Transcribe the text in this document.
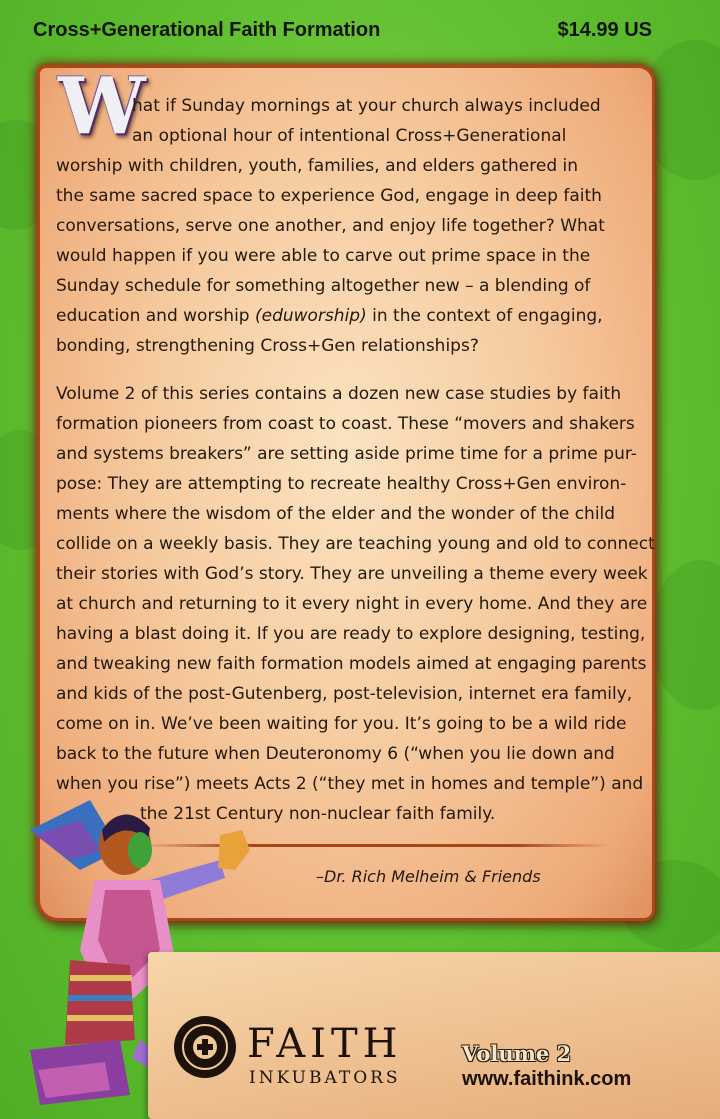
Cross+Generational Faith Formation	$14.99 US
W
hat if Sunday mornings at your church always included
an optional hour of intentional Cross+Generational
worship with children, youth, families, and elders gathered in
the same sacred space to experience God, engage in deep faith
conversations, serve one another, and enjoy life together? What
would happen if you were able to carve out prime space in the
Sunday schedule for something altogether new – a blending of
education and worship (eduworship) in the context of engaging,
bonding, strengthening Cross+Gen relationships?
Volume 2 of this series contains a dozen new case studies by faith
formation pioneers from coast to coast. These “movers and shakers
and systems breakers” are setting aside prime time for a prime pur-
pose: They are attempting to recreate healthy Cross+Gen environ-
ments where the wisdom of the elder and the wonder of the child
collide on a weekly basis. They are teaching young and old to connect
their stories with God’s story. They are unveiling a theme every week
at church and returning to it every night in every home. And they are
having a blast doing it. If you are ready to explore designing, testing,
and tweaking new faith formation models aimed at engaging parents
and kids of the post-Gutenberg, post-television, internet era family,
come on in. We’ve been waiting for you. It’s going to be a wild ride
back to the future when Deuteronomy 6 (“when you lie down and
when you rise”) meets Acts 2 (“they met in homes and temple”) and
the 21st Century non-nuclear faith family.
–Dr. Rich Melheim & Friends
FAITH
INKUBATORS
Volume 2
www.faithink.com
